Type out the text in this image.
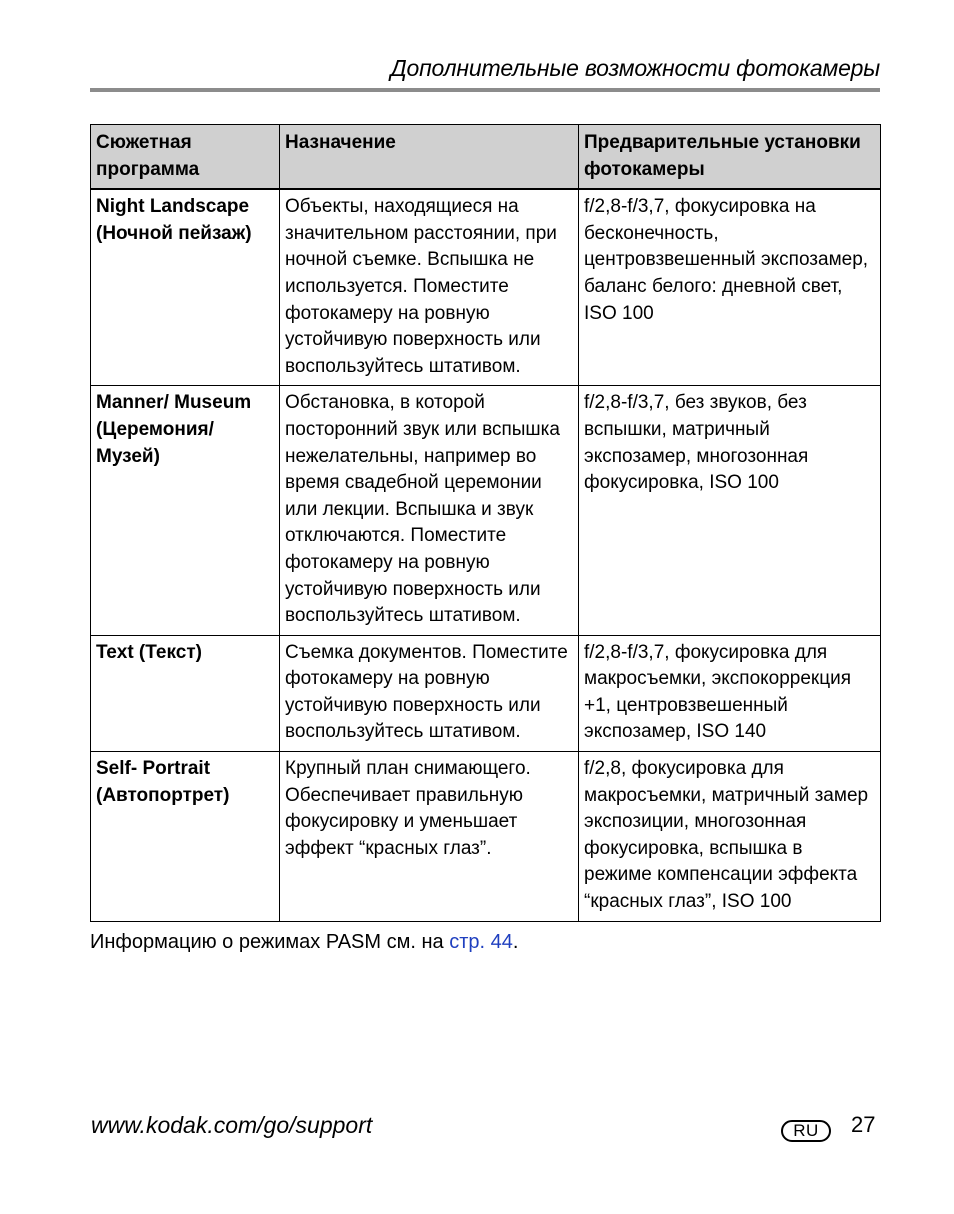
Дополнительные возможности фотокамеры
Сюжетная программа	Назначение	Предварительные установки фотокамеры
Night Landscape (Ночной пейзаж)	Объекты, находящиеся на значительном расстоянии, при ночной съемке. Вспышка не используется. Поместите фотокамеру на ровную устойчивую поверхность или воспользуйтесь штативом.	f/2,8-f/3,7, фокусировка на бесконечность, центровзвешенный экспозамер, баланс белого: дневной свет, ISO 100
Manner/ Museum (Церемония/Музей)	Обстановка, в которой посторонний звук или вспышка нежелательны, например во время свадебной церемонии или лекции. Вспышка и звук отключаются. Поместите фотокамеру на ровную устойчивую поверхность или воспользуйтесь штативом.	f/2,8-f/3,7, без звуков, без вспышки, матричный экспозамер, многозонная фокусировка, ISO 100
Text (Текст)	Съемка документов. Поместите фотокамеру на ровную устойчивую поверхность или воспользуйтесь штативом.	f/2,8-f/3,7, фокусировка для макросъемки, экспокоррекция +1, центровзвешенный экспозамер, ISO 140
Self- Portrait (Автопортрет)	Крупный план снимающего. Обеспечивает правильную фокусировку и уменьшает эффект “красных глаз”.	f/2,8, фокусировка для макросъемки, матричный замер экспозиции, многозонная фокусировка, вспышка в режиме компенсации эффекта “красных глаз”, ISO 100
Информацию о режимах PASM см. на стр. 44.
www.kodak.com/go/support	RU	27
